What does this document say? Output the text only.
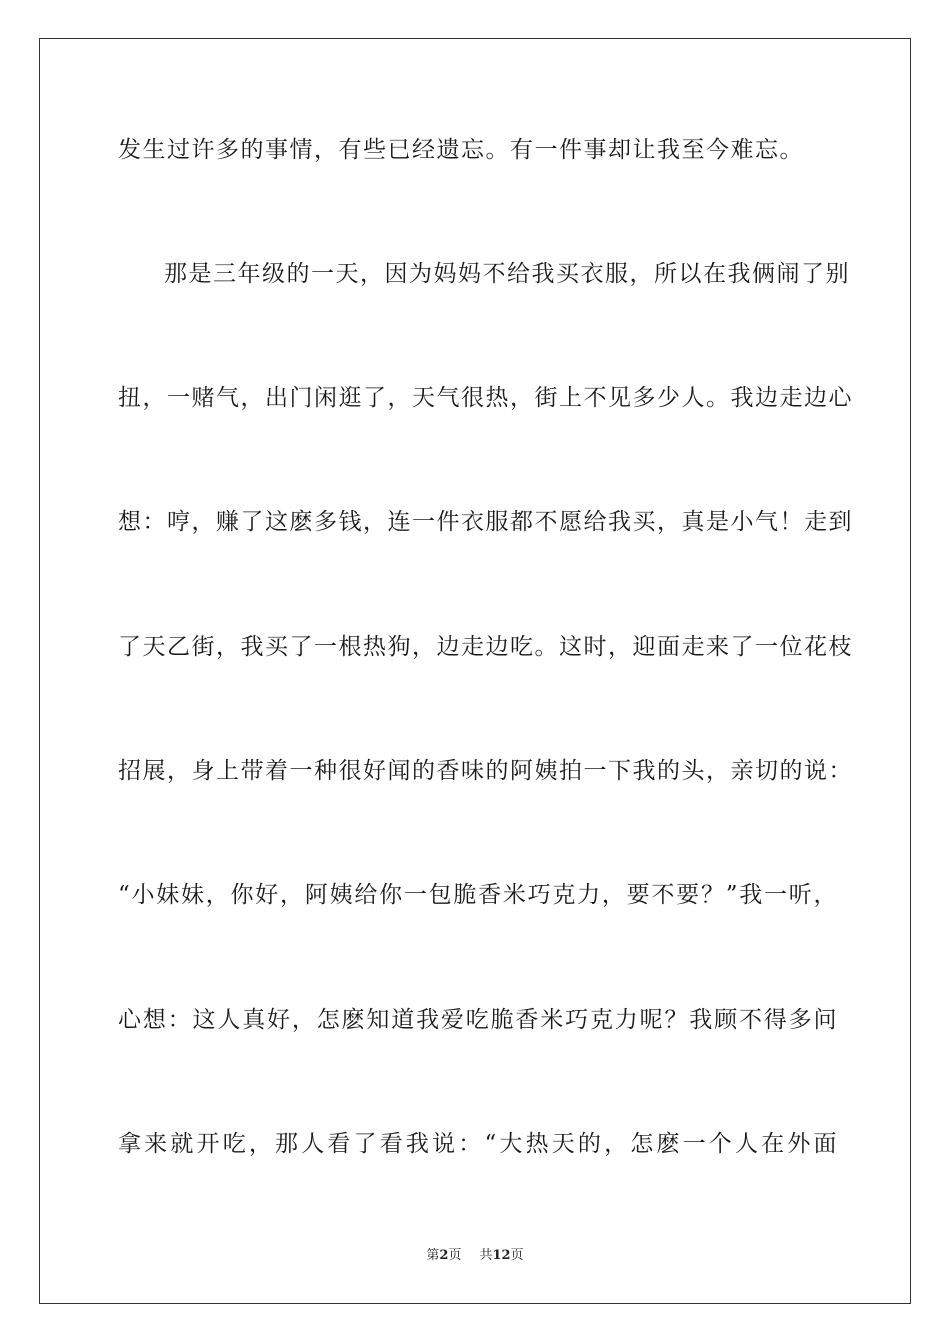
发生过许多的事情，有些已经遗忘。有一件事却让我至今难忘。
那是三年级的一天，因为妈妈不给我买衣服，所以在我俩闹了别
扭，一赌气，出门闲逛了，天气很热，街上不见多少人。我边走边心
想：哼，赚了这麽多钱，连一件衣服都不愿给我买，真是小气！走到
了天乙街，我买了一根热狗，边走边吃。这时，迎面走来了一位花枝
招展，身上带着一种很好闻的香味的阿姨拍一下我的头，亲切的说：
“小妹妹，你好，阿姨给你一包脆香米巧克力，要不要？”我一听，
心想：这人真好，怎麽知道我爱吃脆香米巧克力呢？我顾不得多问
拿来就开吃，那人看了看我说：“大热天的，怎麽一个人在外面
第2页 共12页
